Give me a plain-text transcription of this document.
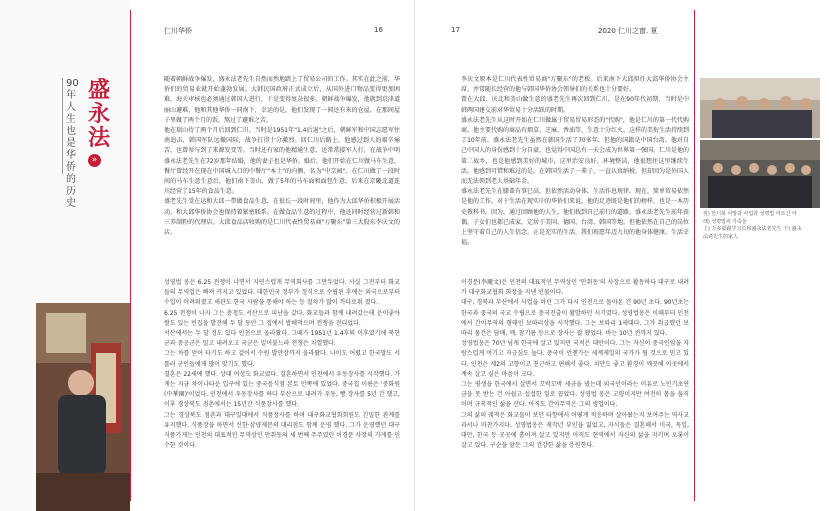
仁川华侨	16	17	2020 仁川之窗. 夏
盛永法
90年人生也是华侨的历史
»
위) 만디북 사망과 사업과 성명법 어르신 아래) 성명법씨 가족들
上) 万多福跟学习长和盛永法老先生 下) 盛永法老先生的家人

随着朝鲜战争爆发，盛永法老先生自然而然地踏上了贸易公司的工作。其实在此之前，华侨们的贸易业就开始蓬勃发展。大韩民国政府正式成立后，从国外进口物品变得更加困难，海关审核也必须通过韩国人进行，于是变得复杂很多。朝鲜战争爆发，他就到京津道丽山避难，他和其他华侨一同南下，幸运的是，他们发现了一间还有米的仓屋，在那间屋子里做了两个月的饭，熬过了避难之苦。

他在瑞山待了两个月后回到仁川。当时是1951年"1.4后退"之后，朝鲜军和中国志愿军往南追击，韩国军队远撤国际，战争打得十分激烈。回仁川后路上，他感过到人的艰辛痛苦，也曾参与到了来源发变等。当时还有家的他精通生意，还常常接军人打，在战争中明盛永法老先生在72岁那年结婚，他的妻子也是华侨。婚后，他们开始在仁川做马车生意，餐厅曾经开在现在中国城入口的中餐厅"本土"的内侧，名为"中宗园"。在仁川做了一段时间的马车生意生意后，他们南下釜山，做了5年的马车面和面包生意，后来在京畿北道连川经营了15年的食品生意。

盛老先生受在达和大邱一带做食品生意，在很长一段时间里，他作为大邱华侨积极开展活动，和大邱华侨协会也保持着紧密联系。在做食品生意的过程中，他还同时经营过新韩和三养制粉的代理店。大邱食品店收购的是仁川代表性贸易商"万聚东"第三大股东李庆文的店。

李庆文原本是仁川代表性贸易商"万聚东"的老板。后来南下大邱担任大邱华侨协会主席，并常随长经营的他与韩国华侨协会领导们的关系也十分要好。

曾在大邱、庆北和釜山做生意的盛老先生再次回到仁川，是在90年代初期，当时是中韩两国建交前对华贸易十分活跃的时期。

盛永法老先生从这时开始在仁川做属于贸易贸易形态的"代购"，他是仁川的第一代代购商。他主要代购的商品有烟草、芝麻、香油等，生意十分红火。这样的美衔生活持续到了10年前。盛永法老先生虽然在韩国生活了70多年，但他的国籍是中国台湾。他对自己中国人的身份感到十分自豪，也觉得中国总有一天会成为世界第一强国。仁川是他的第二故乡，也是他感到美好的城市，这里治安良好、环境整洁，他很想住这里继续生活。他感到可惜和难过的是，在韩国生活了一辈子，一直认真纳税，但却因为是外国人而无法领到老人基础年金。

盛永法老先生在膝盖有事已高，但依然活动身体，生活作息规律。现在，简单贸易依然是他的工作。对于生活在现实中的华侨们来说，他的足迹既是他们的榜样，也是一本历史教科书。因为，通过回顾他的人生，他们找到自己前行的道路。盛永法老先生前年丧偶，子女们也都已成家，定居于美国、德国、台湾、韩国等地，但他依然在自己的岗位上坚守着自己的人生信念。正是充实的生活，我们祝愿年迈九旬的他身体健康，生活幸福。

성영법 옹은 6.25 전쟁이 나면서 자연스럽게 무역회사를 그만두었다. 사실 그전부터 화교들의 무역업은 빠져 커지고 있었다. 대한민국 정부가 정식으로 수립된 후에는 외국으로부터 수입이 어려워졌고 세관도 한국 사람을 통해야 하는 등 절차가 많이 까다로워 졌다.

6.25 전쟁이 나자 그는 충청도 서산으로 피난을 갔다. 화교들과 함께 내려갔는데 운이좋아 쌀도 있는 빈집을 발견해 두 달 동안 그 집에서 밥해먹으며 전쟁을 견디었다.

서산에서는 두 달 정도 있다 인천으로 올라왔다. 그때가 1951년 1.4후퇴 이후였기에 북한군과 중공군은 밀고 내려오고 국군은 밀어붙느라 전쟁은 치열했다.

그는 차를 얻어 타기도 하고 걸어서 수원 발안장까지 올라왔다. 나이도 어렸고 한국말도 서툴러 군인들에게 많이 맞기도 했다.

결혼은 22세에 했다. 상대 여성도 화교였다. 결혼하면서 인천에서 우동장사를 시작했다. 가게는 지금 차이나타운 입구에 있는 중국음식점 본토 안쪽에 있었다. 중국집 이름은 '중화원(中華園)'이었다. 인천에서 우동장사를 하다 부산으로 내려가 우동, 빵 장사를 5년 간 했고, 이후 경상북도 점촌에서는 15년간 식품장사를 했다.

그는 경상북도 점촌과 대구일대에서 식품장사를 하며 대구화교협회회원도 긴밀한 관계를 유지했다. 식품장을 하면서 신한·삼양제분의 대리점도 함께 운영 했다. 그가 운영했던 대구 식품가게는 인천의 대표적인 무역상인 만취동의 세 번째 주주였던 이경문 사장의 가게를 인수한 것이다.

이경문(李慶文)은 인천의 대표적인 무역상인 '만취동'의 사장으로 활동하다 대구로 내려가 대구화교협회 회장을 지낸 인물이다.

대구, 경북과 부산에서 사업을 하던 그가 다시 인천으로 돌아온 건 90년 초다. 90년초는 한국과 중국의 국교 수립으로 중국진출이 활발하던 시기였다. 성영법옹은 이때부터 인천에서 간이무역의 형태인 보따리상을 시작했다. 그는 보따리 1세대다. 그가 취급했던 보따리 물건은 담배, 깨, 참기름 등으로 장사는 잘 됐었다. 바는 10년 전까지 있다.

성영법옹은 70년 넘게 한국에 살고 있지만 국적은 대만이다. 그는 자신이 중국인임을 자랑스럽게 여기고 자긍심도 높다. 중국이 언젠가는 세계제일의 국가가 될 것으로 믿고 있다. 인천은 제2의 고향이고 친근하고 편해서 좋다. 치안도 좋고 환경이 깨끗해 이곳에서 계속 살고 싶은 마음이 크다.

그는 평생을 한국에서 살면서 꼬박꼬박 세금을 냈는데 외국인이라는 이유로 노인기초연금을 못 받는 건 아쉽고 섭섭한 일로 꼽았다. 성영법 옹은 고령이지만 여전히 몸을 움직이며 규칙적인 삶을 산다. 아직도 간이무역은 그의 생업이다.

그의 삶의 궤적은 화교들이 보던 타향에서 어떻게 적응하며 살아왔는지 보여주는 역사교과서나 마찬가지다. 성영법옹은 재작년 부인을 잃었고, 자식들은 결혼해서 미국, 독일, 대만, 한국 등 곳곳에 흩어져 살고 있지만 아직도 현역에서 자신의 삶을 지키며 오롯이 살고 있다. 구순을 앞둔 그의 건강한 삶을 응원한다.
